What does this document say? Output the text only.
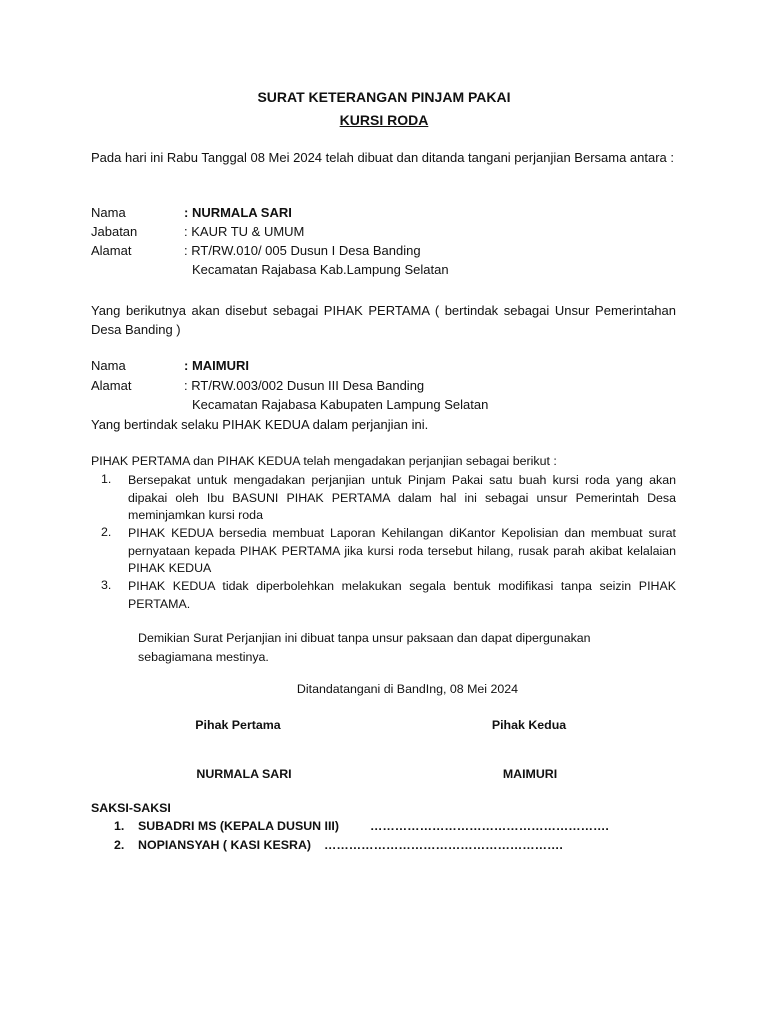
SURAT KETERANGAN PINJAM PAKAI
KURSI RODA
Pada hari ini Rabu Tanggal 08 Mei 2024 telah dibuat dan ditanda tangani perjanjian Bersama antara :
Nama	: NURMALA SARI
Jabatan	: KAUR TU & UMUM
Alamat	: RT/RW.010/ 005 Dusun I Desa Banding
Kecamatan Rajabasa Kab.Lampung Selatan
Yang berikutnya akan disebut sebagai PIHAK PERTAMA ( bertindak sebagai Unsur Pemerintahan Desa Banding )
Nama	: MAIMURI
Alamat	: RT/RW.003/002 Dusun III Desa Banding
Kecamatan Rajabasa Kabupaten Lampung Selatan
Yang bertindak selaku PIHAK KEDUA dalam perjanjian ini.
PIHAK PERTAMA dan PIHAK KEDUA telah mengadakan perjanjian sebagai berikut :
1. Bersepakat untuk mengadakan perjanjian untuk Pinjam Pakai satu buah kursi roda yang akan dipakai oleh Ibu BASUNI PIHAK PERTAMA dalam hal ini sebagai unsur Pemerintah Desa meminjamkan kursi roda
2. PIHAK KEDUA bersedia membuat Laporan Kehilangan diKantor Kepolisian dan membuat surat pernyataan kepada PIHAK PERTAMA jika kursi roda tersebut hilang, rusak parah akibat kelalaian PIHAK KEDUA
3. PIHAK KEDUA tidak diperbolehkan melakukan segala bentuk modifikasi tanpa seizin PIHAK PERTAMA.
Demikian Surat Perjanjian ini dibuat tanpa unsur paksaan dan dapat dipergunakan sebagiamana mestinya.
Ditandatangani di BandIng, 08 Mei 2024
Pihak Pertama	Pihak Kedua
NURMALA SARI	MAIMURI
SAKSI-SAKSI
1. SUBADRI MS (KEPALA DUSUN III) ………………………………………………….
2. NOPIANSYAH ( KASI KESRA) ………………………………………………….
